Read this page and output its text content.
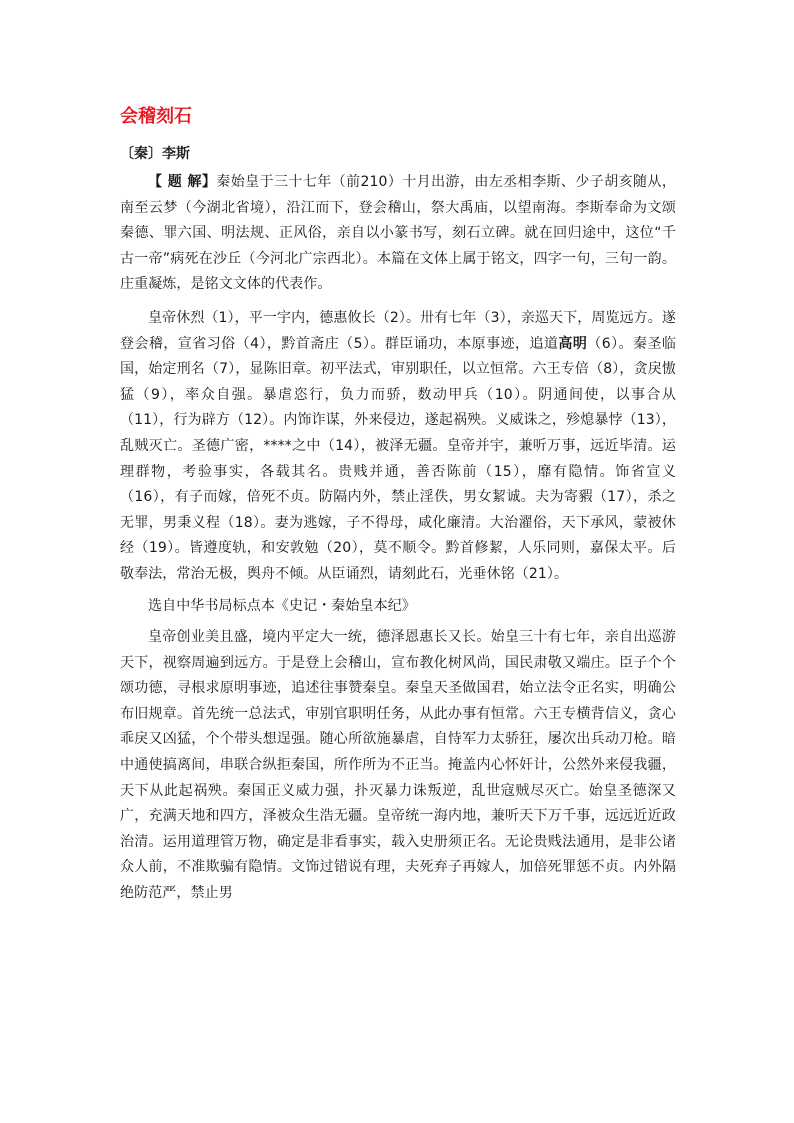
会稽刻石
〔秦〕李斯

【 题 解】秦始皇于三十七年（前210）十月出游，由左丞相李斯、少子胡亥随从，南至云梦（今湖北省境），沿江而下，登会稽山，祭大禹庙，以望南海。李斯奉命为文颂秦德、罪六国、明法规、正风俗，亲自以小篆书写，刻石立碑。就在回归途中，这位“千古一帝”病死在沙丘（今河北广宗西北）。本篇在文体上属于铭文，四字一句，三句一韵。庄重凝炼，是铭文文体的代表作。

皇帝休烈（1），平一宇内，德惠攸长（2）。卅有七年（3），亲巡天下，周览远方。遂登会稽，宣省习俗（4），黔首斋庄（5）。群臣诵功，本原事迹，追道高明（6）。秦圣临国，始定刑名（7），显陈旧章。初平法式，审别职任，以立恒常。六王专倍（8），贪戾慠猛（9），率众自强。暴虐恣行，负力而骄，数动甲兵（10）。阴通间使，以事合从（11），行为辟方（12）。内饰诈谋，外来侵边，遂起祸殃。义威诛之，殄熄暴悖（13），乱贼灭亡。圣德广密，****之中（14），被泽无疆。皇帝并宇，兼听万事，远近毕清。运理群物，考验事实，各载其名。贵贱并通，善否陈前（15），靡有隐情。饰省宣义（16），有子而嫁，倍死不贞。防隔内外，禁止淫佚，男女絜诚。夫为寄豭（17），杀之无罪，男秉义程（18）。妻为逃嫁，子不得母，咸化廉清。大治濯俗，天下承风，蒙被休经（19）。皆遵度轨，和安敦勉（20），莫不顺令。黔首修絜，人乐同则，嘉保太平。后敬奉法，常治无极，舆舟不倾。从臣诵烈，请刻此石，光垂休铭（21）。

选自中华书局标点本《史记・秦始皇本纪》

皇帝创业美且盛，境内平定大一统，德泽恩惠长又长。始皇三十有七年，亲自出巡游天下，视察周遍到远方。于是登上会稽山，宣布教化树风尚，国民肃敬又端庄。臣子个个颂功德，寻根求原明事迹，追述往事赞秦皇。秦皇天圣做国君，始立法令正名实，明确公布旧规章。首先统一总法式，审别官职明任务，从此办事有恒常。六王专横背信义，贪心乖戾又凶猛，个个带头想逞强。随心所欲施暴虐，自恃军力太骄狂，屡次出兵动刀枪。暗中通使搞离间，串联合纵拒秦国，所作所为不正当。掩盖内心怀奸计，公然外来侵我疆，天下从此起祸殃。秦国正义威力强，扑灭暴力诛叛逆，乱世寇贼尽灭亡。始皇圣德深又广，充满天地和四方，泽被众生浩无疆。皇帝统一海内地，兼听天下万千事，远远近近政治清。运用道理管万物，确定是非看事实，载入史册须正名。无论贵贱法通用，是非公诸众人前，不准欺骗有隐情。文饰过错说有理，夫死弃子再嫁人，加倍死罪惩不贞。内外隔绝防范严，禁止男
